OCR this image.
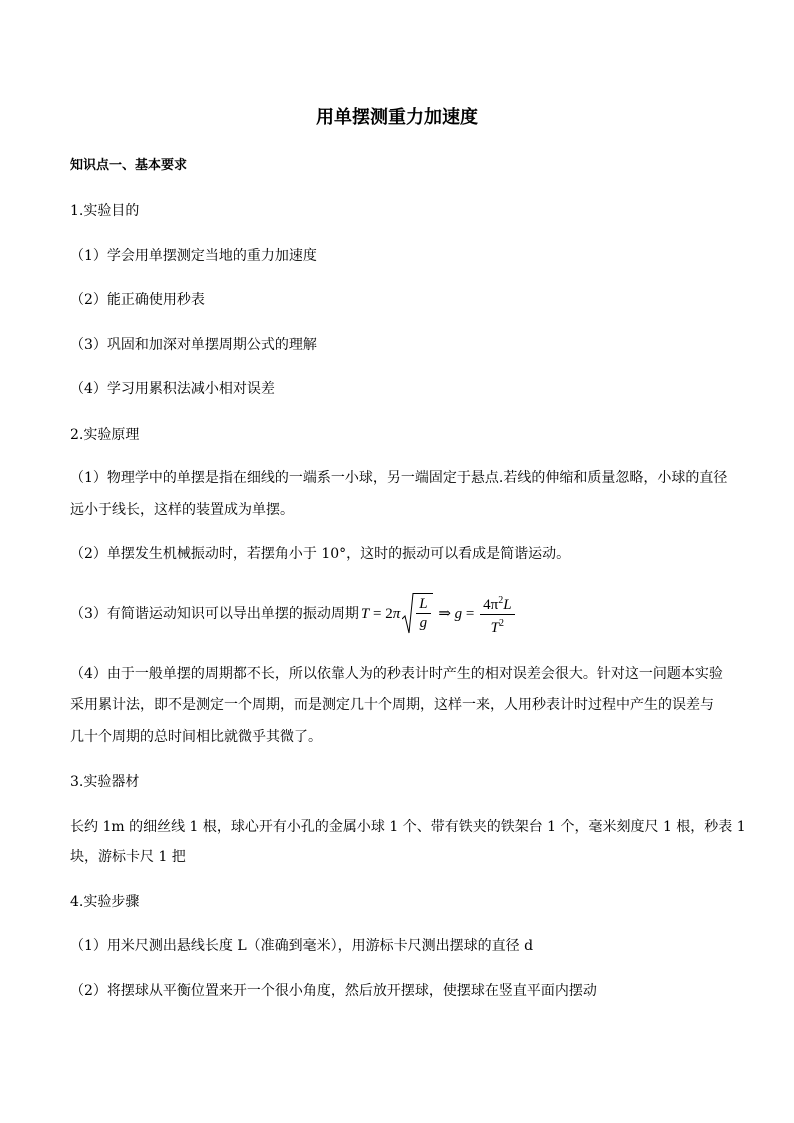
用单摆测重力加速度
知识点一、基本要求
1.实验目的
（1）学会用单摆测定当地的重力加速度
（2）能正确使用秒表
（3）巩固和加深对单摆周期公式的理解
（4）学习用累积法减小相对误差
2.实验原理
（1）物理学中的单摆是指在细线的一端系一小球，另一端固定于悬点.若线的伸缩和质量忽略，小球的直径
远小于线长，这样的装置成为单摆。
（2）单摆发生机械振动时，若摆角小于 10°，这时的振动可以看成是简谐运动。
（3）有简谐运动知识可以导出单摆的振动周期 T = 2 π $\frac{L}{g}$ ⇒ $g = \frac{4\pi^2L}{T^2}$
（4）由于一般单摆的周期都不长，所以依靠人为的秒表计时产生的相对误差会很大。针对这一问题本实验
采用累计法，即不是测定一个周期，而是测定几十个周期，这样一来，人用秒表计时过程中产生的误差与
几十个周期的总时间相比就微乎其微了。
3.实验器材
长约 1m 的细丝线 1 根，球心开有小孔的金属小球 1 个、带有铁夹的铁架台 1 个，毫米刻度尺 1 根，秒表 1
块，游标卡尺 1 把
4.实验步骤
（1）用米尺测出悬线长度 L（准确到毫米），用游标卡尺测出摆球的直径 d
（2）将摆球从平衡位置来开一个很小角度，然后放开摆球，使摆球在竖直平面内摆动
